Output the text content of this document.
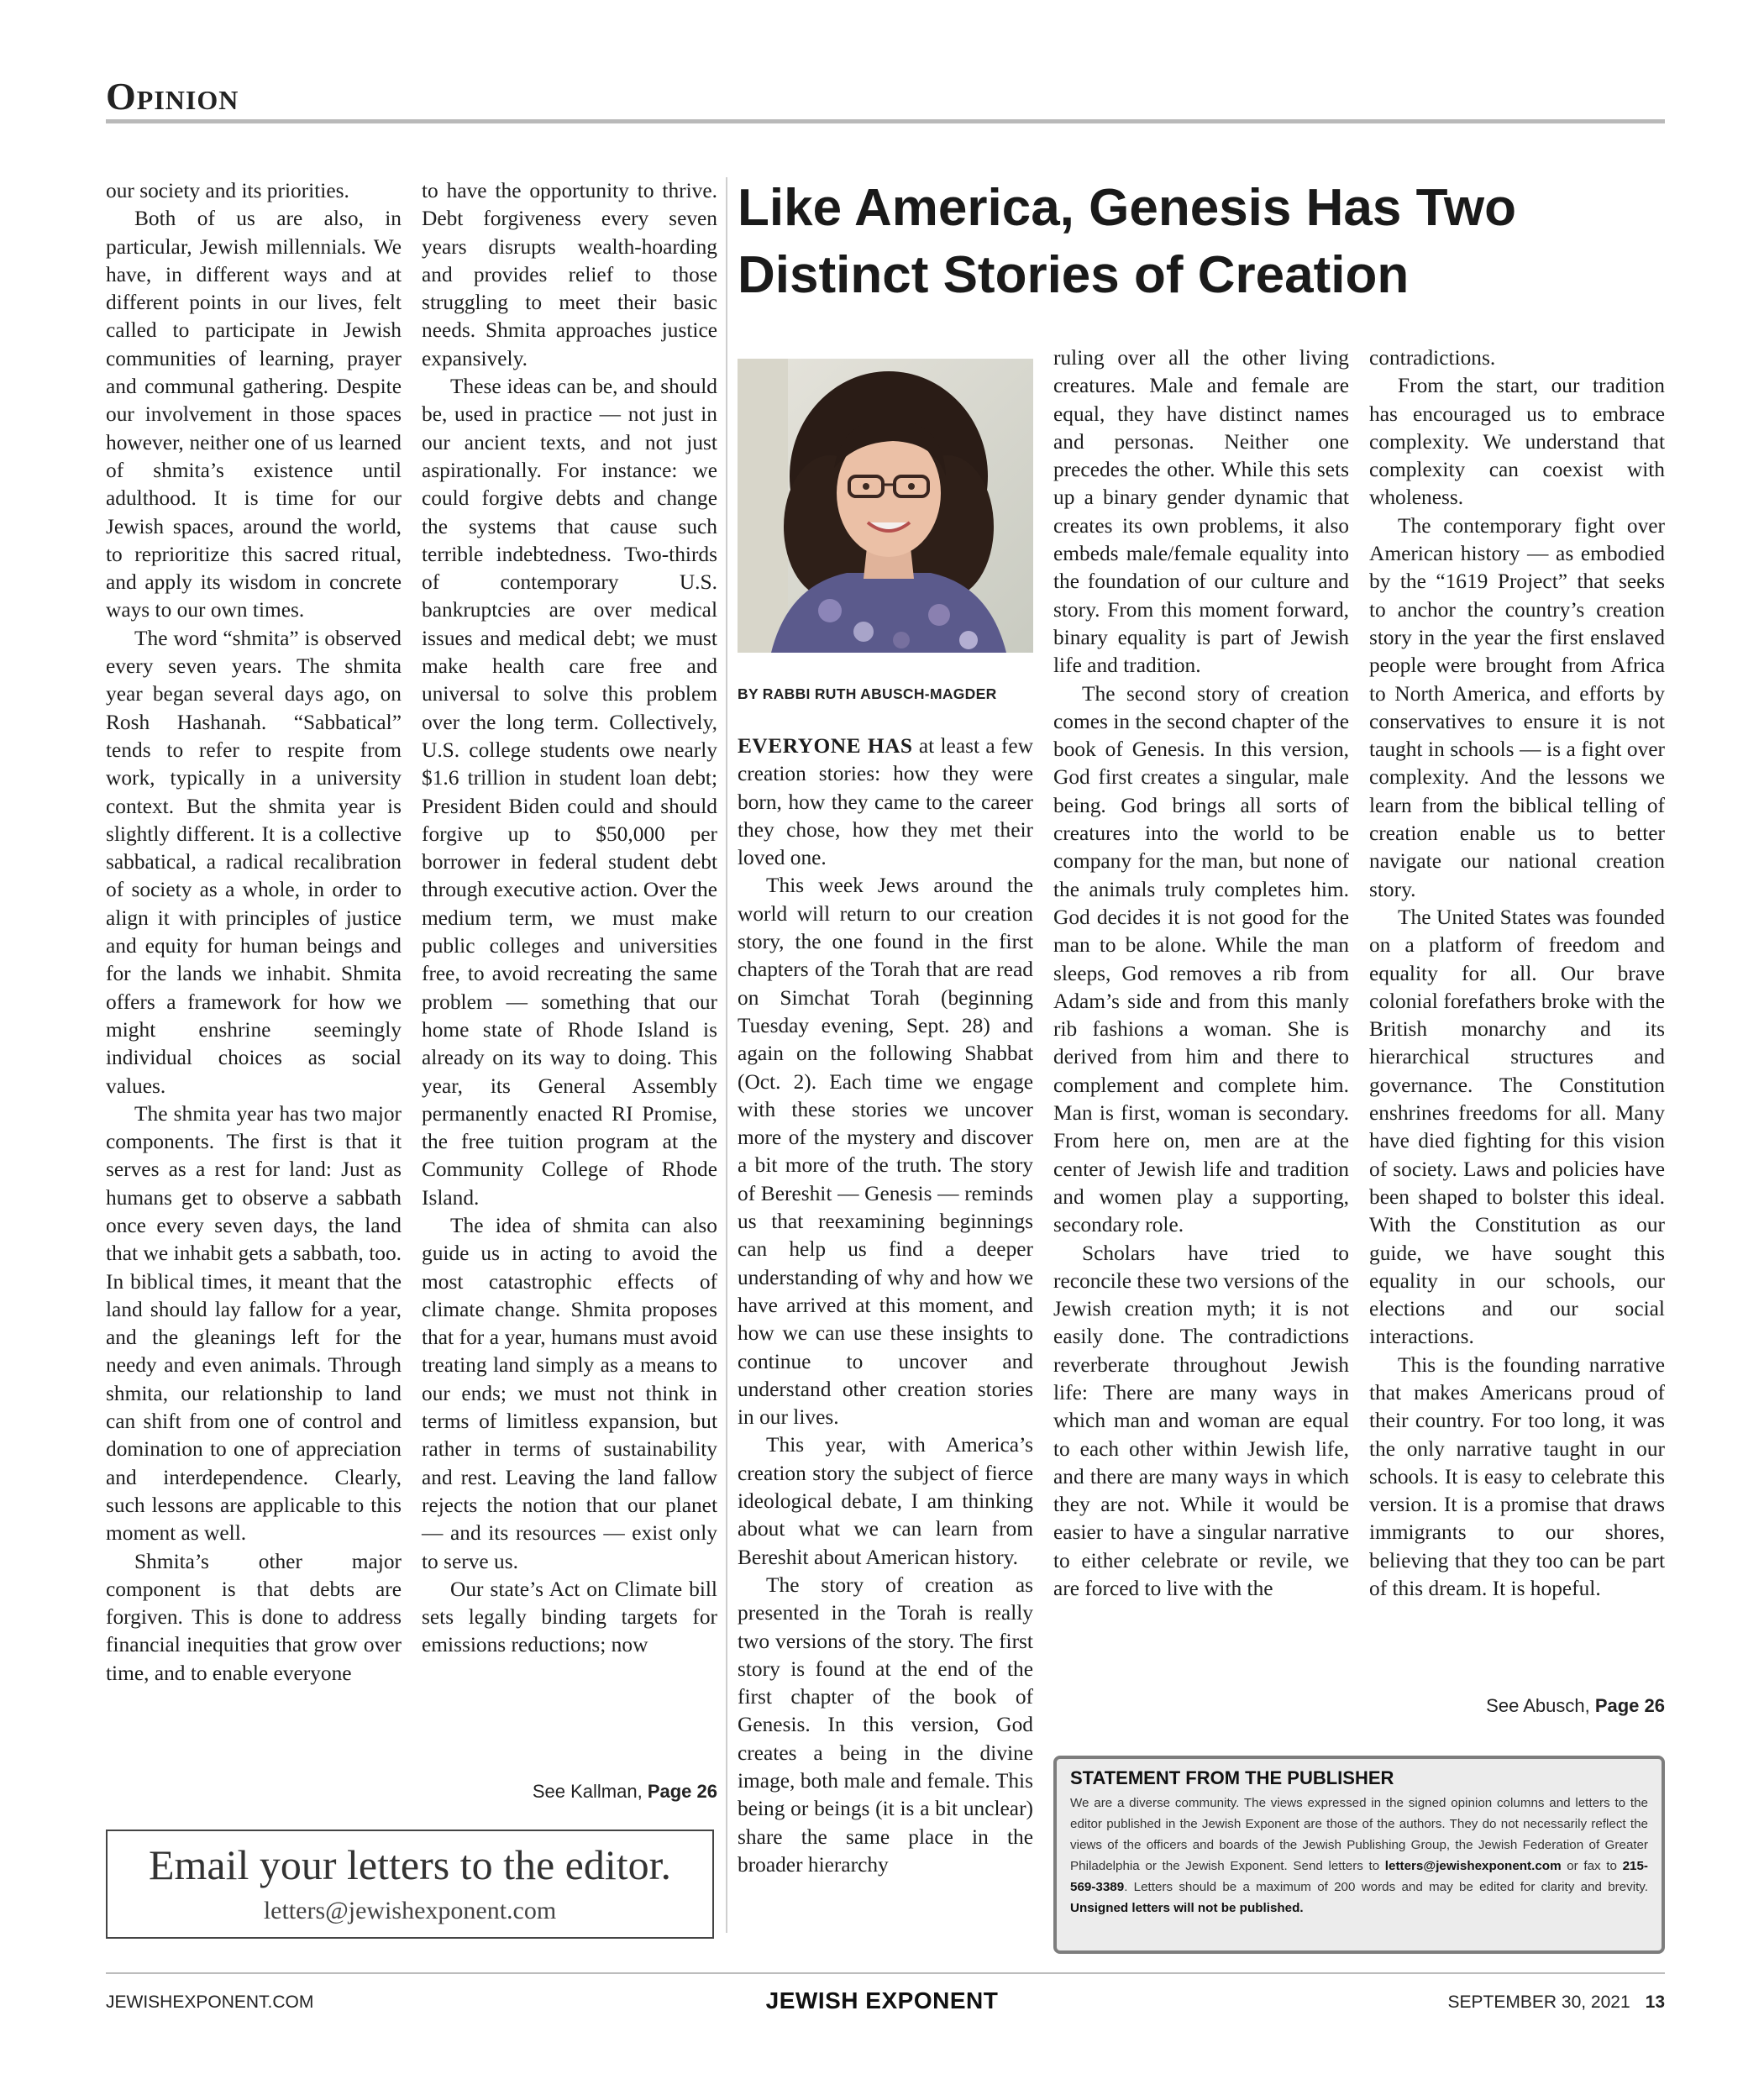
Opinion

our society and its priorities.

Both of us are also, in particular, Jewish millennials. We have, in different ways and at different points in our lives, felt called to participate in Jewish communities of learning, prayer and communal gathering. Despite our involvement in those spaces however, neither one of us learned of shmita’s existence until adulthood. It is time for our Jewish spaces, around the world, to reprioritize this sacred ritual, and apply its wisdom in concrete ways to our own times.

The word “shmita” is observed every seven years. The shmita year began several days ago, on Rosh Hashanah. “Sabbatical” tends to refer to respite from work, typically in a university context. But the shmita year is slightly different. It is a collective sabbatical, a radical recalibration of society as a whole, in order to align it with principles of justice and equity for human beings and for the lands we inhabit. Shmita offers a framework for how we might enshrine seemingly individual choices as social values.

The shmita year has two major components. The first is that it serves as a rest for land: Just as humans get to observe a sabbath once every seven days, the land that we inhabit gets a sabbath, too. In biblical times, it meant that the land should lay fallow for a year, and the gleanings left for the needy and even animals. Through shmita, our relationship to land can shift from one of control and domination to one of appreciation and interdependence. Clearly, such lessons are applicable to this moment as well.

Shmita’s other major component is that debts are forgiven. This is done to address financial inequities that grow over time, and to enable everyone

to have the opportunity to thrive. Debt forgiveness every seven years disrupts wealth-hoarding and provides relief to those struggling to meet their basic needs. Shmita approaches justice expansively.

These ideas can be, and should be, used in practice — not just in our ancient texts, and not just aspirationally. For instance: we could forgive debts and change the systems that cause such terrible indebtedness. Two-thirds of contemporary U.S. bankruptcies are over medical issues and medical debt; we must make health care free and universal to solve this problem over the long term. Collectively, U.S. college students owe nearly $1.6 trillion in student loan debt; President Biden could and should forgive up to $50,000 per borrower in federal student debt through executive action. Over the medium term, we must make public colleges and universities free, to avoid recreating the same problem — something that our home state of Rhode Island is already on its way to doing. This year, its General Assembly permanently enacted RI Promise, the free tuition program at the Community College of Rhode Island.

The idea of shmita can also guide us in acting to avoid the most catastrophic effects of climate change. Shmita proposes that for a year, humans must avoid treating land simply as a means to our ends; we must not think in terms of limitless expansion, but rather in terms of sustainability and rest. Leaving the land fallow rejects the notion that our planet — and its resources — exist only to serve us.

Our state’s Act on Climate bill sets legally binding targets for emissions reductions; now

See Kallman, Page 26
Email your letters to the editor.
letters@jewishexponent.com
Like America, Genesis Has Two Distinct Stories of Creation
BY RABBI RUTH ABUSCH-MAGDER

EVERYONE HAS at least a few creation stories: how they were born, how they came to the career they chose, how they met their loved one.

This week Jews around the world will return to our creation story, the one found in the first chapters of the Torah that are read on Simchat Torah (beginning Tuesday evening, Sept. 28) and again on the following Shabbat (Oct. 2). Each time we engage with these stories we uncover more of the mystery and discover a bit more of the truth. The story of Bereshit — Genesis — reminds us that reexamining beginnings can help us find a deeper understanding of why and how we have arrived at this moment, and how we can use these insights to continue to uncover and understand other creation stories in our lives.

This year, with America’s creation story the subject of fierce ideological debate, I am thinking about what we can learn from Bereshit about American history.

The story of creation as presented in the Torah is really two versions of the story. The first story is found at the end of the first chapter of the book of Genesis. In this version, God creates a being in the divine image, both male and female. This being or beings (it is a bit unclear) share the same place in the broader hierarchy

ruling over all the other living creatures. Male and female are equal, they have distinct names and personas. Neither one precedes the other. While this sets up a binary gender dynamic that creates its own problems, it also embeds male/female equality into the foundation of our culture and story. From this moment forward, binary equality is part of Jewish life and tradition.

The second story of creation comes in the second chapter of the book of Genesis. In this version, God first creates a singular, male being. God brings all sorts of creatures into the world to be company for the man, but none of the animals truly completes him. God decides it is not good for the man to be alone. While the man sleeps, God removes a rib from Adam’s side and from this manly rib fashions a woman. She is derived from him and there to complement and complete him. Man is first, woman is secondary. From here on, men are at the center of Jewish life and tradition and women play a supporting, secondary role.

Scholars have tried to reconcile these two versions of the Jewish creation myth; it is not easily done. The contradictions reverberate throughout Jewish life: There are many ways in which man and woman are equal to each other within Jewish life, and there are many ways in which they are not. While it would be easier to have a singular narrative to either celebrate or revile, we are forced to live with the

contradictions.

From the start, our tradition has encouraged us to embrace complexity. We understand that complexity can coexist with wholeness.

The contemporary fight over American history — as embodied by the “1619 Project” that seeks to anchor the country’s creation story in the year the first enslaved people were brought from Africa to North America, and efforts by conservatives to ensure it is not taught in schools — is a fight over complexity. And the lessons we learn from the biblical telling of creation enable us to better navigate our national creation story.

The United States was founded on a platform of freedom and equality for all. Our brave colonial forefathers broke with the British monarchy and its hierarchical structures and governance. The Constitution enshrines freedoms for all. Many have died fighting for this vision of society. Laws and policies have been shaped to bolster this ideal. With the Constitution as our guide, we have sought this equality in our schools, our elections and our social interactions.

This is the founding narrative that makes Americans proud of their country. For too long, it was the only narrative taught in our schools. It is easy to celebrate this version. It is a promise that draws immigrants to our shores, believing that they too can be part of this dream. It is hopeful.

See Abusch, Page 26
STATEMENT FROM THE PUBLISHER
We are a diverse community. The views expressed in the signed opinion columns and letters to the editor published in the Jewish Exponent are those of the authors. They do not necessarily reflect the views of the officers and boards of the Jewish Publishing Group, the Jewish Federation of Greater Philadelphia or the Jewish Exponent. Send letters to letters@jewishexponent.com or fax to 215-569-3389. Letters should be a maximum of 200 words and may be edited for clarity and brevity. Unsigned letters will not be published.
JEWISHEXPONENT.COM	JEWISH EXPONENT	SEPTEMBER 30, 2021 13
